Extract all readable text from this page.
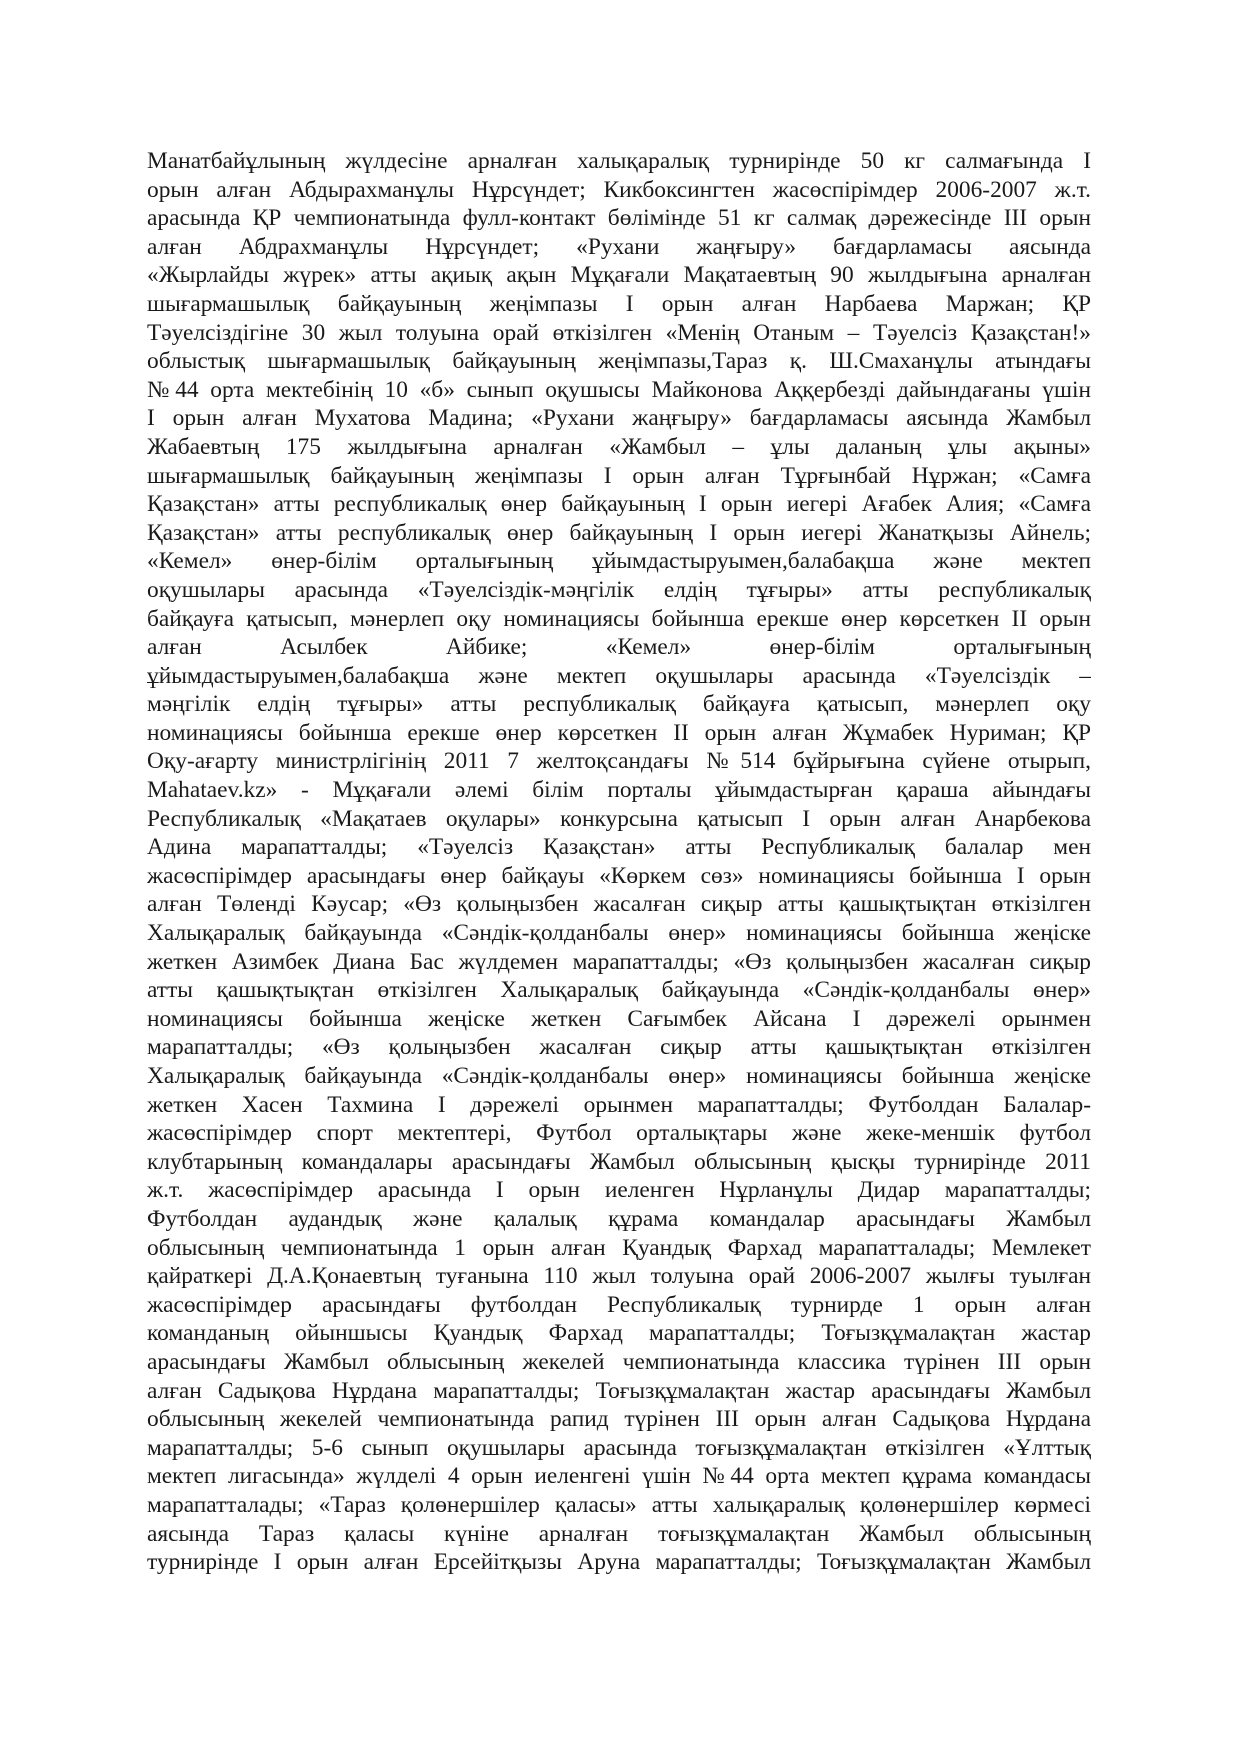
Манатбайұлының жүлдесіне арналған халықаралық турнирінде 50 кг салмағында І
орын алған Абдырахманұлы Нұрсүндет; Кикбоксингтен жасөспірімдер 2006-2007 ж.т.
арасында ҚР чемпионатында фулл-контакт бөлімінде 51 кг салмақ дәрежесінде ІІІ орын
алған Абдрахманұлы Нұрсүндет; «Рухани жаңғыру» бағдарламасы аясында
«Жырлайды жүрек» атты ақиық ақын Мұқағали Мақатаевтың 90 жылдығына арналған
шығармашылық байқауының жеңімпазы І орын алған Нарбаева Маржан; ҚР
Тәуелсіздігіне 30 жыл толуына орай өткізілген «Менің Отаным – Тәуелсіз Қазақстан!»
облыстық шығармашылық байқауының жеңімпазы,Тараз қ. Ш.Смаханұлы атындағы
№44 орта мектебінің 10 «б» сынып оқушысы Майконова Аққербезді дайындағаны үшін
І орын алған Мухатова Мадина; «Рухани жаңғыру» бағдарламасы аясында Жамбыл
Жабаевтың 175 жылдығына арналған «Жамбыл – ұлы даланың ұлы ақыны»
шығармашылық байқауының жеңімпазы І орын алған Тұрғынбай Нұржан; «Самға
Қазақстан» атты республикалық өнер байқауының І орын иегері Ағабек Алия; «Самға
Қазақстан» атты республикалық өнер байқауының І орын иегері Жанатқызы Айнель;
«Кемел» өнер-білім орталығының ұйымдастыруымен,балабақша және мектеп
оқушылары арасында «Тәуелсіздік-мәңгілік елдің тұғыры» атты республикалық
байқауға қатысып, мәнерлеп оқу номинациясы бойынша ерекше өнер көрсеткен ІІ орын
алған Асылбек Айбике; «Кемел» өнер-білім орталығының
ұйымдастыруымен,балабақша және мектеп оқушылары арасында «Тәуелсіздік –
мәңгілік елдің тұғыры» атты республикалық байқауға қатысып, мәнерлеп оқу
номинациясы бойынша ерекше өнер көрсеткен ІІ орын алған Жұмабек Нуриман; ҚР
Оқу-ағарту министрлігінің 2011 7 желтоқсандағы №514 бұйрығына сүйене отырып,
Mahataev.kz» - Мұқағали әлемі білім порталы ұйымдастырған қараша айындағы
Республикалық «Мақатаев оқулары» конкурсына қатысып І орын алған Анарбекова
Адина марапатталды; «Тәуелсіз Қазақстан» атты Республикалық балалар мен
жасөспірімдер арасындағы өнер байқауы «Көркем сөз» номинациясы бойынша І орын
алған Төленді Кәусар; «Өз қолыңызбен жасалған сиқыр атты қашықтықтан өткізілген
Халықаралық байқауында «Сәндік-қолданбалы өнер» номинациясы бойынша жеңіске
жеткен Азимбек Диана Бас жүлдемен марапатталды; «Өз қолыңызбен жасалған сиқыр
атты қашықтықтан өткізілген Халықаралық байқауында «Сәндік-қолданбалы өнер»
номинациясы бойынша жеңіске жеткен Сағымбек Айсана І дәрежелі орынмен
марапатталды; «Өз қолыңызбен жасалған сиқыр атты қашықтықтан өткізілген
Халықаралық байқауында «Сәндік-қолданбалы өнер» номинациясы бойынша жеңіске
жеткен Хасен Тахмина І дәрежелі орынмен марапатталды; Футболдан Балалар-
жасөспірімдер спорт мектептері, Футбол орталықтары және жеке-меншік футбол
клубтарының командалары арасындағы Жамбыл облысының қысқы турнирінде 2011
ж.т. жасөспірімдер арасында І орын иеленген Нұрланұлы Дидар марапатталды;
Футболдан аудандық және қалалық құрама командалар арасындағы Жамбыл
облысының чемпионатында 1 орын алған Қуандық Фархад марапатталады; Мемлекет
қайраткері Д.А.Қонаевтың туғанына 110 жыл толуына орай 2006-2007 жылғы туылған
жасөспірімдер арасындағы футболдан Республикалық турнирде 1 орын алған
команданың ойыншысы Қуандық Фархад марапатталды; Тоғызқұмалақтан жастар
арасындағы Жамбыл облысының жекелей чемпионатында классика түрінен ІІІ орын
алған Садықова Нұрдана марапатталды; Тоғызқұмалақтан жастар арасындағы Жамбыл
облысының жекелей чемпионатында рапид түрінен ІІІ орын алған Садықова Нұрдана
марапатталды; 5-6 сынып оқушылары арасында тоғызқұмалақтан өткізілген «Ұлттық
мектеп лигасында» жүлделі 4 орын иеленгені үшін №44 орта мектеп құрама командасы
марапатталады; «Тараз қолөнершілер қаласы» атты халықаралық қолөнершілер көрмесі
аясында Тараз қаласы күніне арналған тоғызқұмалақтан Жамбыл облысының
турнирінде І орын алған Ерсейітқызы Аруна марапатталды; Тоғызқұмалақтан Жамбыл
